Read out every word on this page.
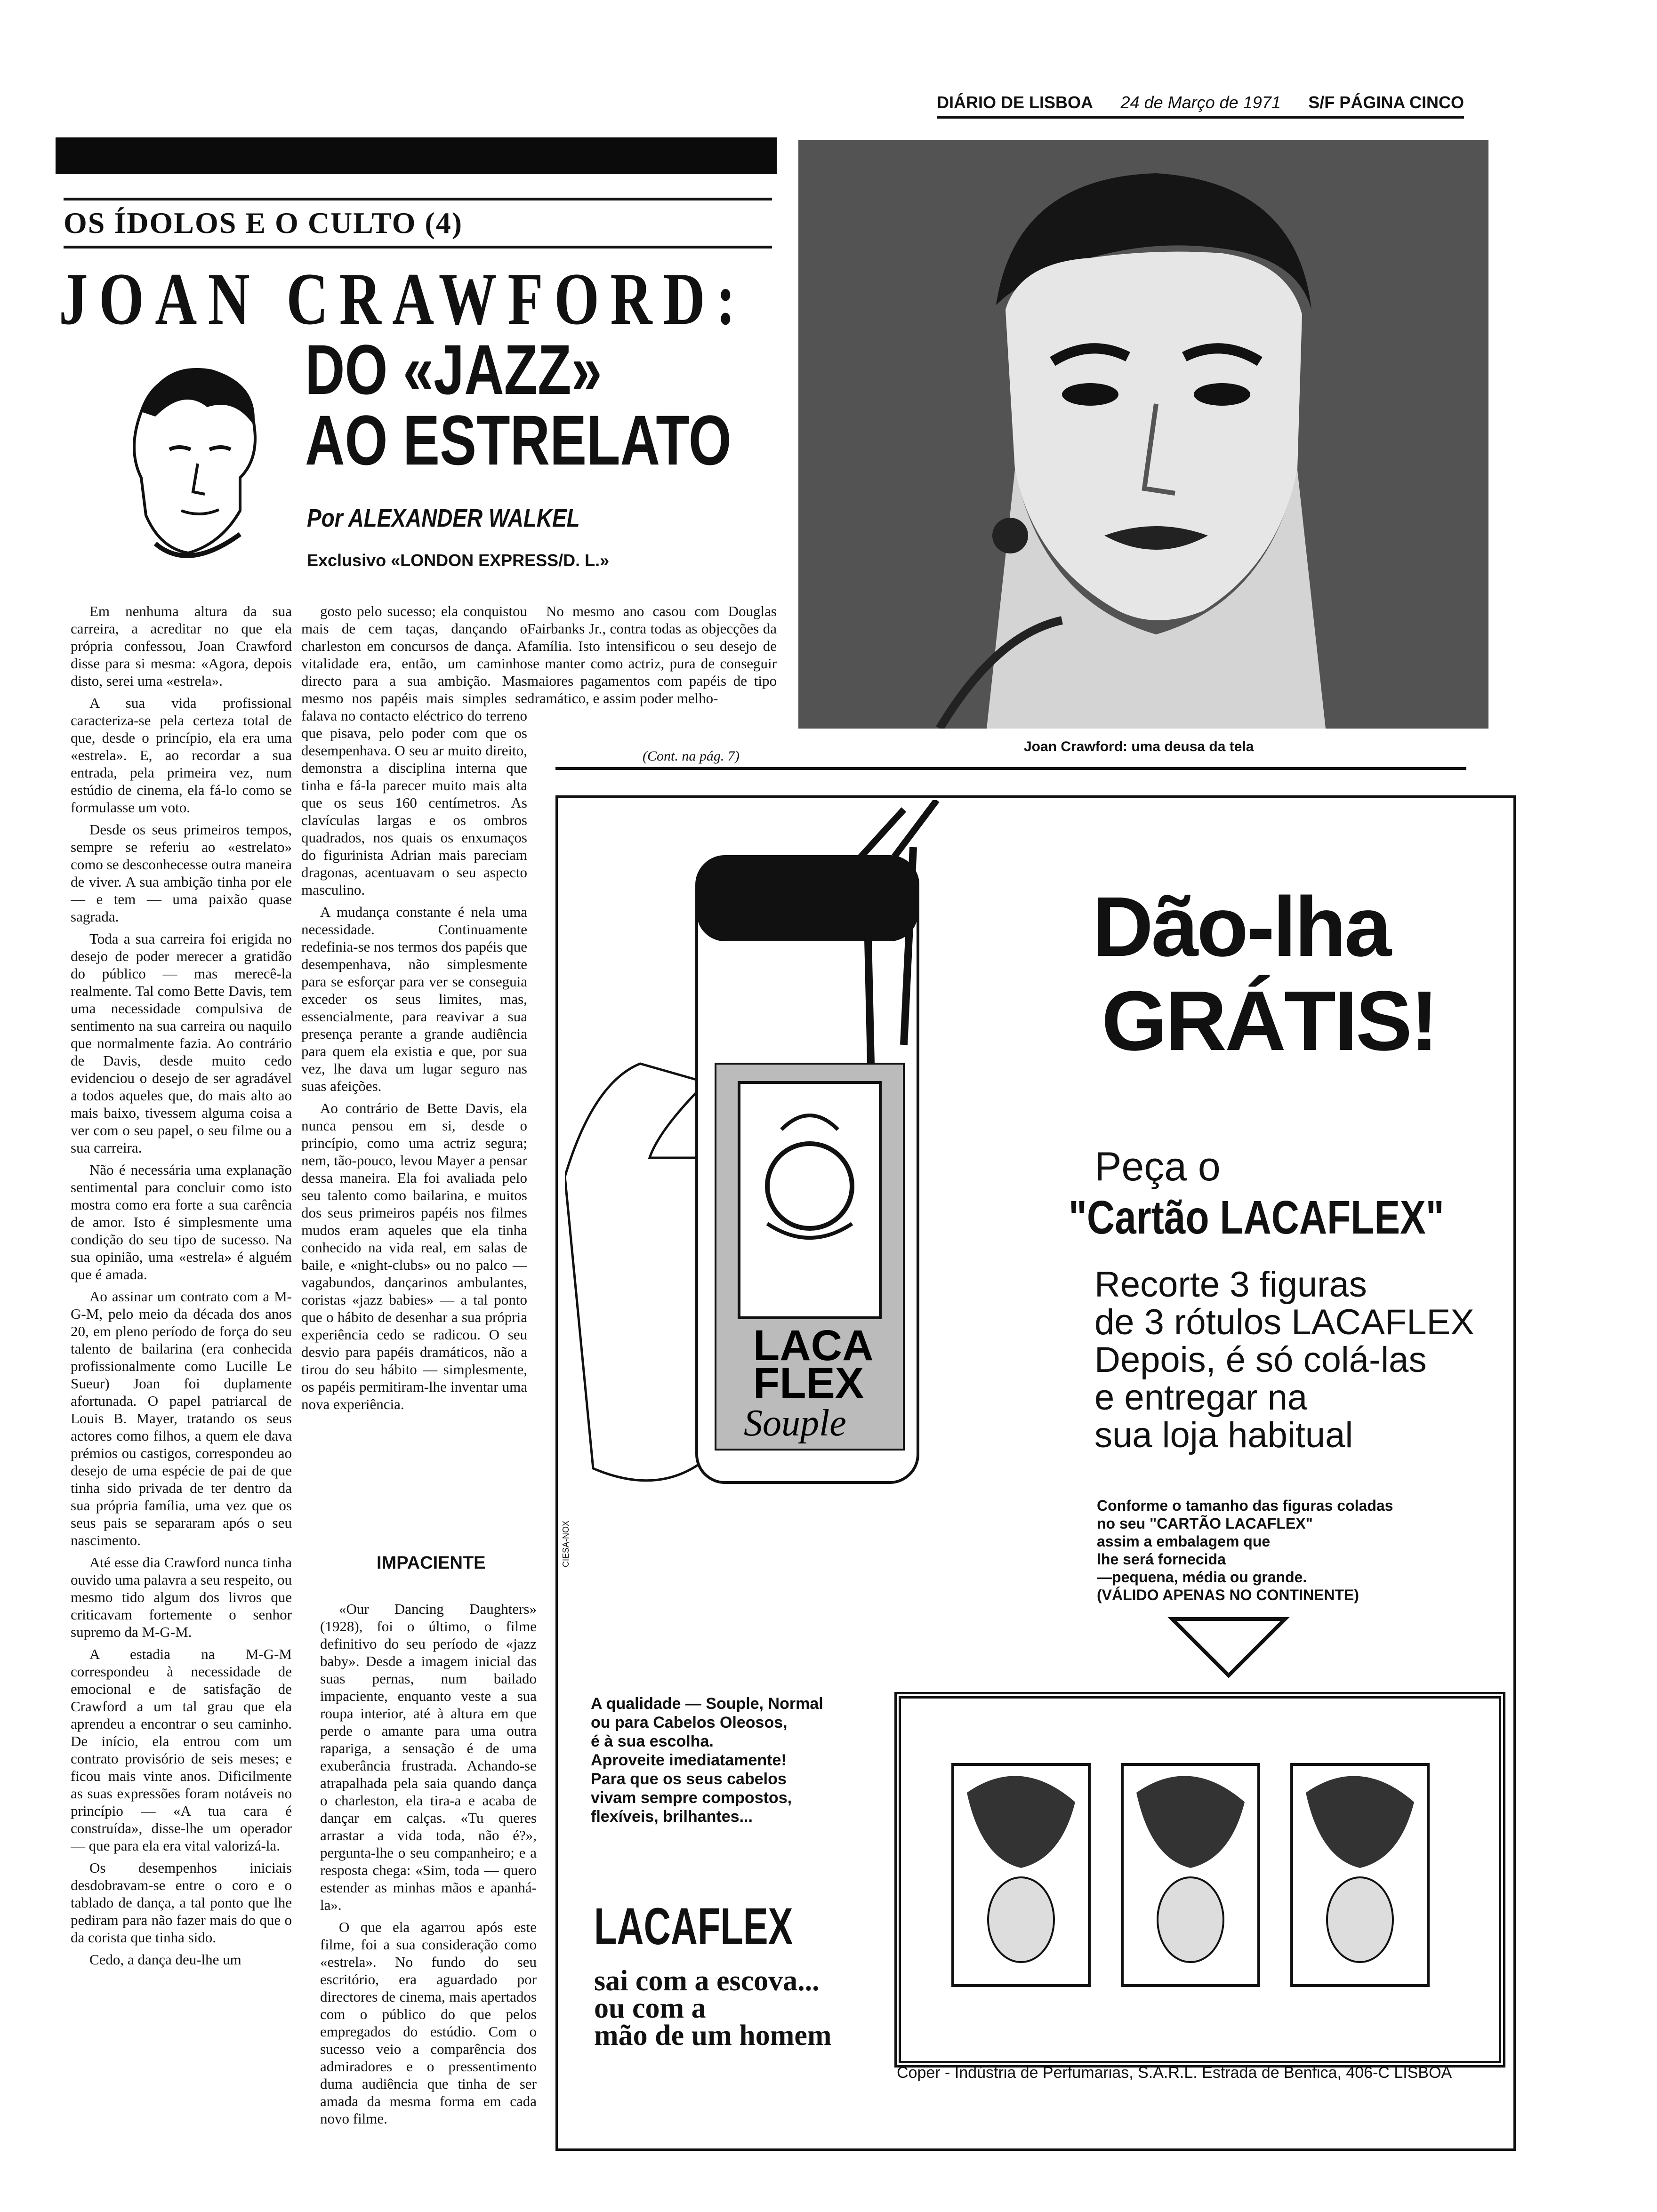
DIÁRIO DE LISBOA 24 de Março de 1971 S/F PÁGINA CINCO
OS ÍDOLOS E O CULTO (4)
JOAN CRAWFORD:
DO «JAZZ»
AO ESTRELATO
Por ALEXANDER WALKEL
Exclusivo «LONDON EXPRESS/D. L.»
Joan Crawford: uma deusa da tela

Em nenhuma altura da sua carreira, a acreditar no que ela própria confessou, Joan Crawford disse para si mesma: «Agora, depois disto, serei uma «estrela».

A sua vida profissional caracteriza-se pela certeza total de que, desde o princípio, ela era uma «estrela». E, ao recordar a sua entrada, pela primeira vez, num estúdio de cinema, ela fá-lo como se formulasse um voto.

Desde os seus primeiros tempos, sempre se referiu ao «estrelato» como se desconhecesse outra maneira de viver. A sua ambição tinha por ele — e tem — uma paixão quase sagrada.

Toda a sua carreira foi erigida no desejo de poder merecer a gratidão do público — mas merecê-la realmente. Tal como Bette Davis, tem uma necessidade compulsiva de sentimento na sua carreira ou naquilo que normalmente fazia. Ao contrário de Davis, desde muito cedo evidenciou o desejo de ser agradável a todos aqueles que, do mais alto ao mais baixo, tivessem alguma coisa a ver com o seu papel, o seu filme ou a sua carreira.

Não é necessária uma explanação sentimental para concluir como isto mostra como era forte a sua carência de amor. Isto é simplesmente uma condição do seu tipo de sucesso. Na sua opinião, uma «estrela» é alguém que é amada.

Ao assinar um contrato com a M-G-M, pelo meio da década dos anos 20, em pleno período de força do seu talento de bailarina (era conhecida profissionalmente como Lucille Le Sueur) Joan foi duplamente afortunada. O papel patriarcal de Louis B. Mayer, tratando os seus actores como filhos, a quem ele dava prémios ou castigos, correspondeu ao desejo de uma espécie de pai de que tinha sido privada de ter dentro da sua própria família, uma vez que os seus pais se separaram após o seu nascimento.

Até esse dia Crawford nunca tinha ouvido uma palavra a seu respeito, ou mesmo tido algum dos livros que criticavam fortemente o senhor supremo da M-G-M.

A estadia na M-G-M correspondeu à necessidade de emocional e de satisfação de Crawford a um tal grau que ela aprendeu a encontrar o seu caminho. De início, ela entrou com um contrato provisório de seis meses; e ficou mais vinte anos. Dificilmente as suas expressões foram notáveis no princípio — «A tua cara é construída», disse-lhe um operador — que para ela era vital valorizá-la.

Os desempenhos iniciais desdobravam-se entre o coro e o tablado de dança, a tal ponto que lhe pediram para não fazer mais do que o da corista que tinha sido.

Cedo, a dança deu-lhe um

gosto pelo sucesso; ela conquistou mais de cem taças, dançando o charleston em concursos de dança. A vitalidade era, então, um caminho directo para a sua ambição. Mas mesmo nos papéis mais simples se falava no contacto eléctrico do terreno que pisava, pelo poder com que os desempenhava. O seu ar muito direito, demonstra a disciplina interna que tinha e fá-la parecer muito mais alta que os seus 160 centímetros. As clavículas largas e os ombros quadrados, nos quais os enxumaços do figurinista Adrian mais pareciam dragonas, acentuavam o seu aspecto masculino.

A mudança constante é nela uma necessidade. Continuamente redefinia-se nos termos dos papéis que desempenhava, não simplesmente para se esforçar para ver se conseguia exceder os seus limites, mas, essencialmente, para reavivar a sua presença perante a grande audiência para quem ela existia e que, por sua vez, lhe dava um lugar seguro nas suas afeições.

Ao contrário de Bette Davis, ela nunca pensou em si, desde o princípio, como uma actriz segura; nem, tão-pouco, levou Mayer a pensar dessa maneira. Ela foi avaliada pelo seu talento como bailarina, e muitos dos seus primeiros papéis nos filmes mudos eram aqueles que ela tinha conhecido na vida real, em salas de baile, e «night-clubs» ou no palco — vagabundos, dançarinos ambulantes, coristas «jazz babies» — a tal ponto que o hábito de desenhar a sua própria experiência cedo se radicou. O seu desvio para papéis dramáticos, não a tirou do seu hábito — simplesmente, os papéis permitiram-lhe inventar uma nova experiência.

IMPACIENTE

«Our Dancing Daughters» (1928), foi o último, o filme definitivo do seu período de «jazz baby». Desde a imagem inicial das suas pernas, num bailado impaciente, enquanto veste a sua roupa interior, até à altura em que perde o amante para uma outra rapariga, a sensação é de uma exuberância frustrada. Achando-se atrapalhada pela saia quando dança o charleston, ela tira-a e acaba de dançar em calças. «Tu queres arrastar a vida toda, não é?», pergunta-lhe o seu companheiro; e a resposta chega: «Sim, toda — quero estender as minhas mãos e apanhá-la».

O que ela agarrou após este filme, foi a sua consideração como «estrela». No fundo do seu escritório, era aguardado por directores de cinema, mais apertados com o público do que pelos empregados do estúdio. Com o sucesso veio a comparência dos admiradores e o pressentimento duma audiência que tinha de ser amada da mesma forma em cada novo filme.

No mesmo ano casou com Douglas Fairbanks Jr., contra todas as objecções da família. Isto intensificou o seu desejo de se manter como actriz, pura de conseguir maiores pagamentos com papéis de tipo dramático, e assim poder melho-

(Cont. na pág. 7)
LACA
FLEX
Souple
Dão-lha
GRÁTIS!
Peça o
"Cartão LACAFLEX"
Recorte 3 figuras
de 3 rótulos LACAFLEX
Depois, é só colá-las
e entregar na
sua loja habitual
Conforme o tamanho das figuras coladas
no seu "CARTÃO LACAFLEX"
assim a embalagem que
lhe será fornecida
—pequena, média ou grande.
(VÁLIDO APENAS NO CONTINENTE)
A qualidade — Souple, Normal
ou para Cabelos Oleosos,
é à sua escolha.
Aproveite imediatamente!
Para que os seus cabelos
vivam sempre compostos,
flexíveis, brilhantes...
LACAFLEX
sai com a escova...
ou com a
mão de um homem
Coper - Indústria de Perfumarias, S.A.R.L. Estrada de Benfica, 406-C LISBOA
CIESA-NOX
